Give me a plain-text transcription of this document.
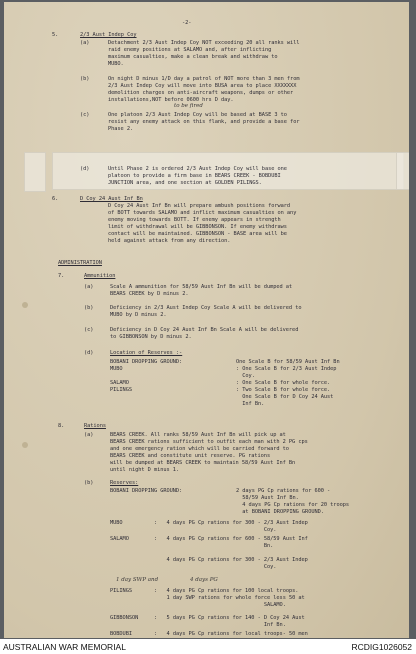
-2-
5.	2/3 Aust Indep Coy
(a)	Detachment 2/3 Aust Indep Coy NOT exceeding 20 all ranks will
raid enemy positions at SALAMO and, after inflicting
maximum casualties, make a clean break and withdraw to
MUBO.
(b)	On night D minus 1/D day a patrol of NOT more than 3 men from
2/3 Aust Indep Coy will move into BUSA area to place XXXXXXX
demolition charges on anti-aircraft weapons, dumps or other
installations,NOT before 0600 hrs D day.
to be fired
(c)	One platoon 2/3 Aust Indep Coy will be based at BASE 3 to
resist any enemy attack on this flank, and provide a base for
Phase 2.
(d)	Until Phase 2 is ordered 2/3 Aust Indep Coy will base one
platoon to provide a firm base in BEARS CREEK - BOBDUBI
JUNCTION area, and one section at GOLDEN PILINGS.
6.	D Coy 24 Aust Inf Bn
D Coy 24 Aust Inf Bn will prepare ambush positions forward
of BOTT towards SALAMO and inflict maximum casualties on any
enemy moving towards BOTT. If enemy appears in strength
limit of withdrawal will be GIBBONSON. If enemy withdraws
contact will be maintained. GIBBONSON - BASE area will be
held against attack from any direction.
ADMINISTRATION
7.	Ammunition
(a)	Scale A ammunition for 58/59 Aust Inf Bn will be dumped at
BEARS CREEK by D minus 2.
(b)	Deficiency in 2/3 Aust Indep Coy Scale A will be delivered to
MUBO by D minus 2.
(c)	Deficiency in D Coy 24 Aust Inf Bn Scale A will be delivered
to GIBBONSON by D minus 2.
(d)	Location of Reserves :-
BOBANI DROPPING GROUND:	One Scale B for 58/59 Aust Inf Bn
MUBO	: One Scale B for 2/3 Aust Indep
Coy.
SALAMO	: One Scale B for whole force.
PILINGS	: Two Scale B for whole force.
One Scale B for D Coy 24 Aust
Inf Bn.
8.	Rations
(a)	BEARS CREEK. All ranks 58/59 Aust Inf Bn will pick up at
BEARS CREEK rations sufficient to outfit each man with 2 PG cps
and one emergency ration which will be carried forward to
BEARS CREEK and constitute unit reserve. PG rations
will be dumped at BEARS CREEK to maintain 58/59 Aust Inf Bn
until night D minus 1.
(b)	Reserves:
BOBANI DROPPING GROUND:	2 days PG Cp rations for 600 -
58/59 Aust Inf Bn.
4 days PG Cp rations for 20 troops
at BOBANI DROPPING GROUND.
MUBO	:   4 days PG Cp rations for 300 - 2/3 Aust Indep
Coy.
SALAMO	:   4 days PG Cp rations for 600 - 58/59 Aust Inf
Bn.
4 days PG Cp rations for 300 - 2/3 Aust Indep
Coy.
1 day SWP and
PILINGS	:   4 days PG Cp rations for 100 local troops.
1 day SWP rations for whole force less 50 at
SALAMO.
4 days PG
GIBBONSON	:   5 days PG Cp rations for 140 - D Coy 24 Aust
Inf Bn.
BOBDUBI	:   4 days PG Cp rations for local troops- 50 men
AUSTRALIAN WAR MEMORIAL	RCDIG1026052
